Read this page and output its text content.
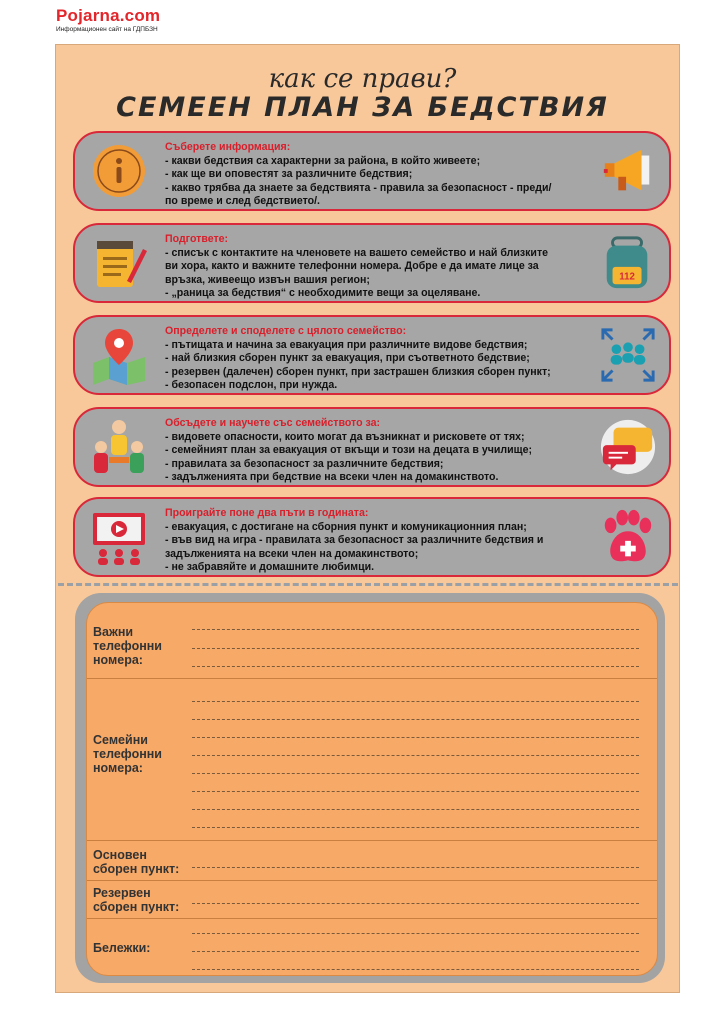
Pojarna.com
Информационен сайт на ГДПБЗН
как се прави?
СЕМЕЕН ПЛАН ЗА БЕДСТВИЯ
Съберете информация:
- какви бедствия са характерни за района, в който живеете;
- как ще ви оповестят за различните бедствия;
- какво трябва да знаете за бедствията - правила за безопасност - преди/
по време и след бедствието/.
Подгответе:
- списък с контактите на членовете на вашето семейство и най близките
ви хора, както и важните телефонни номера. Добре е да имате лице за
връзка, живеещо извън вашия регион;
- „раница за бедствия“ с необходимите вещи за оцеляване.
112
Определете и споделете с цялото семейство:
- пътищата и начина за евакуация при различните видове бедствия;
- най близкия сборен пункт за евакуация, при съответното бедствие;
- резервен (далечен) сборен пункт, при застрашен близкия сборен пункт;
- безопасен подслон, при нужда.
Обсъдете и научете със семейството за:
- видовете опасности, които могат да възникнат и рисковете от тях;
- семейният план за евакуация от вкъщи и този на децата в училище;
- правилата за безопасност за различните бедствия;
- задълженията при бедствие на всеки член на домакинството.
Проиграйте поне два пъти в годината:
- евакуация, с достигане на сборния пункт и комуникационния план;
- във вид на игра - правилата за безопасност за различните бедствия и
задълженията на всеки член на домакинството;
- не забравяйте и домашните любимци.
Важни
телефонни
номера:
Семейни
телефонни
номера:
Основен
сборен пункт:
Резервен
сборен пункт:
Бележки:
